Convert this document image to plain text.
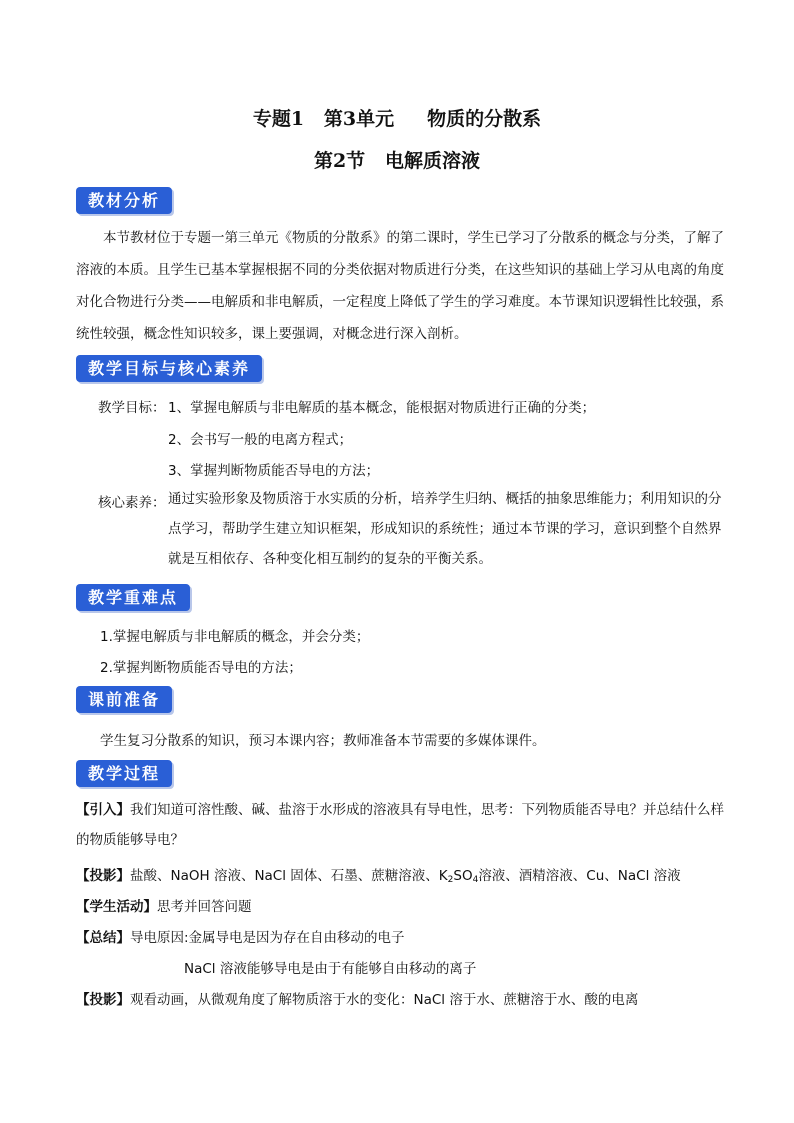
专题1   第3单元     物质的分散系
第2节   电解质溶液
教材分析

本节教材位于专题一第三单元《物质的分散系》的第二课时，学生已学习了分散系的概念与分类，了解了溶液的本质。且学生已基本掌握根据不同的分类依据对物质进行分类，在这些知识的基础上学习从电离的角度对化合物进行分类——电解质和非电解质，一定程度上降低了学生的学习难度。本节课知识逻辑性比较强，系统性较强，概念性知识较多，课上要强调，对概念进行深入剖析。

教学目标与核心素养
教学目标： 1、掌握电解质与非电解质的基本概念，能根据对物质进行正确的分类；
2、会书写一般的电离方程式；
3、掌握判断物质能否导电的方法；
核心素养： 通过实验形象及物质溶于水实质的分析，培养学生归纳、概括的抽象思维能力；利用知识的分点学习，帮助学生建立知识框架，形成知识的系统性；通过本节课的学习，意识到整个自然界就是互相依存、各种变化相互制约的复杂的平衡关系。
教学重难点
1.掌握电解质与非电解质的概念，并会分类；
2.掌握判断物质能否导电的方法；
课前准备
学生复习分散系的知识，预习本课内容；教师准备本节需要的多媒体课件。
教学过程
【引入】我们知道可溶性酸、碱、盐溶于水形成的溶液具有导电性，思考：下列物质能否导电？并总结什么样的物质能够导电？
【投影】盐酸、NaOH 溶液、NaCl 固体、石墨、蔗糖溶液、$K_2SO_4$溶液、酒精溶液、Cu、NaCl 溶液
【学生活动】思考并回答问题
【总结】导电原因:金属导电是因为存在自由移动的电子
NaCl 溶液能够导电是由于有能够自由移动的离子
【投影】观看动画，从微观角度了解物质溶于水的变化：NaCl 溶于水、蔗糖溶于水、酸的电离
